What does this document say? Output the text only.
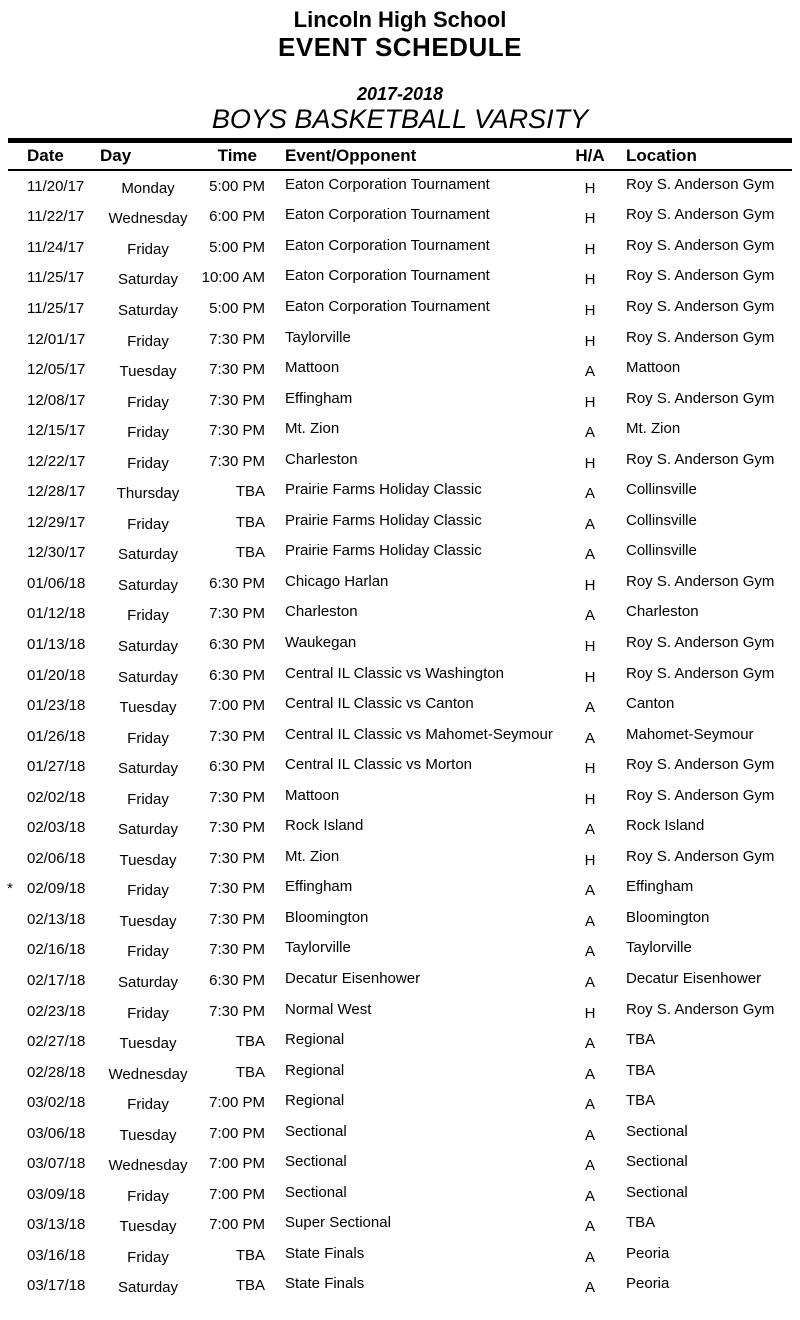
Lincoln High School
EVENT SCHEDULE
2017-2018
BOYS BASKETBALL VARSITY
Date	Day	Time	Event/Opponent	H/A	Location
11/20/17	Monday	5:00 PM	Eaton Corporation Tournament	H	Roy S. Anderson Gym
11/22/17	Wednesday	6:00 PM	Eaton Corporation Tournament	H	Roy S. Anderson Gym
11/24/17	Friday	5:00 PM	Eaton Corporation Tournament	H	Roy S. Anderson Gym
11/25/17	Saturday	10:00 AM	Eaton Corporation Tournament	H	Roy S. Anderson Gym
11/25/17	Saturday	5:00 PM	Eaton Corporation Tournament	H	Roy S. Anderson Gym
12/01/17	Friday	7:30 PM	Taylorville	H	Roy S. Anderson Gym
12/05/17	Tuesday	7:30 PM	Mattoon	A	Mattoon
12/08/17	Friday	7:30 PM	Effingham	H	Roy S. Anderson Gym
12/15/17	Friday	7:30 PM	Mt. Zion	A	Mt. Zion
12/22/17	Friday	7:30 PM	Charleston	H	Roy S. Anderson Gym
12/28/17	Thursday	TBA	Prairie Farms Holiday Classic	A	Collinsville
12/29/17	Friday	TBA	Prairie Farms Holiday Classic	A	Collinsville
12/30/17	Saturday	TBA	Prairie Farms Holiday Classic	A	Collinsville
01/06/18	Saturday	6:30 PM	Chicago Harlan	H	Roy S. Anderson Gym
01/12/18	Friday	7:30 PM	Charleston	A	Charleston
01/13/18	Saturday	6:30 PM	Waukegan	H	Roy S. Anderson Gym
01/20/18	Saturday	6:30 PM	Central IL Classic vs Washington	H	Roy S. Anderson Gym
01/23/18	Tuesday	7:00 PM	Central IL Classic vs Canton	A	Canton
01/26/18	Friday	7:30 PM	Central IL Classic vs Mahomet-Seymour	A	Mahomet-Seymour
01/27/18	Saturday	6:30 PM	Central IL Classic vs Morton	H	Roy S. Anderson Gym
02/02/18	Friday	7:30 PM	Mattoon	H	Roy S. Anderson Gym
02/03/18	Saturday	7:30 PM	Rock Island	A	Rock Island
02/06/18	Tuesday	7:30 PM	Mt. Zion	H	Roy S. Anderson Gym
* 02/09/18	Friday	7:30 PM	Effingham	A	Effingham
02/13/18	Tuesday	7:30 PM	Bloomington	A	Bloomington
02/16/18	Friday	7:30 PM	Taylorville	A	Taylorville
02/17/18	Saturday	6:30 PM	Decatur Eisenhower	A	Decatur Eisenhower
02/23/18	Friday	7:30 PM	Normal West	H	Roy S. Anderson Gym
02/27/18	Tuesday	TBA	Regional	A	TBA
02/28/18	Wednesday	TBA	Regional	A	TBA
03/02/18	Friday	7:00 PM	Regional	A	TBA
03/06/18	Tuesday	7:00 PM	Sectional	A	Sectional
03/07/18	Wednesday	7:00 PM	Sectional	A	Sectional
03/09/18	Friday	7:00 PM	Sectional	A	Sectional
03/13/18	Tuesday	7:00 PM	Super Sectional	A	TBA
03/16/18	Friday	TBA	State Finals	A	Peoria
03/17/18	Saturday	TBA	State Finals	A	Peoria
